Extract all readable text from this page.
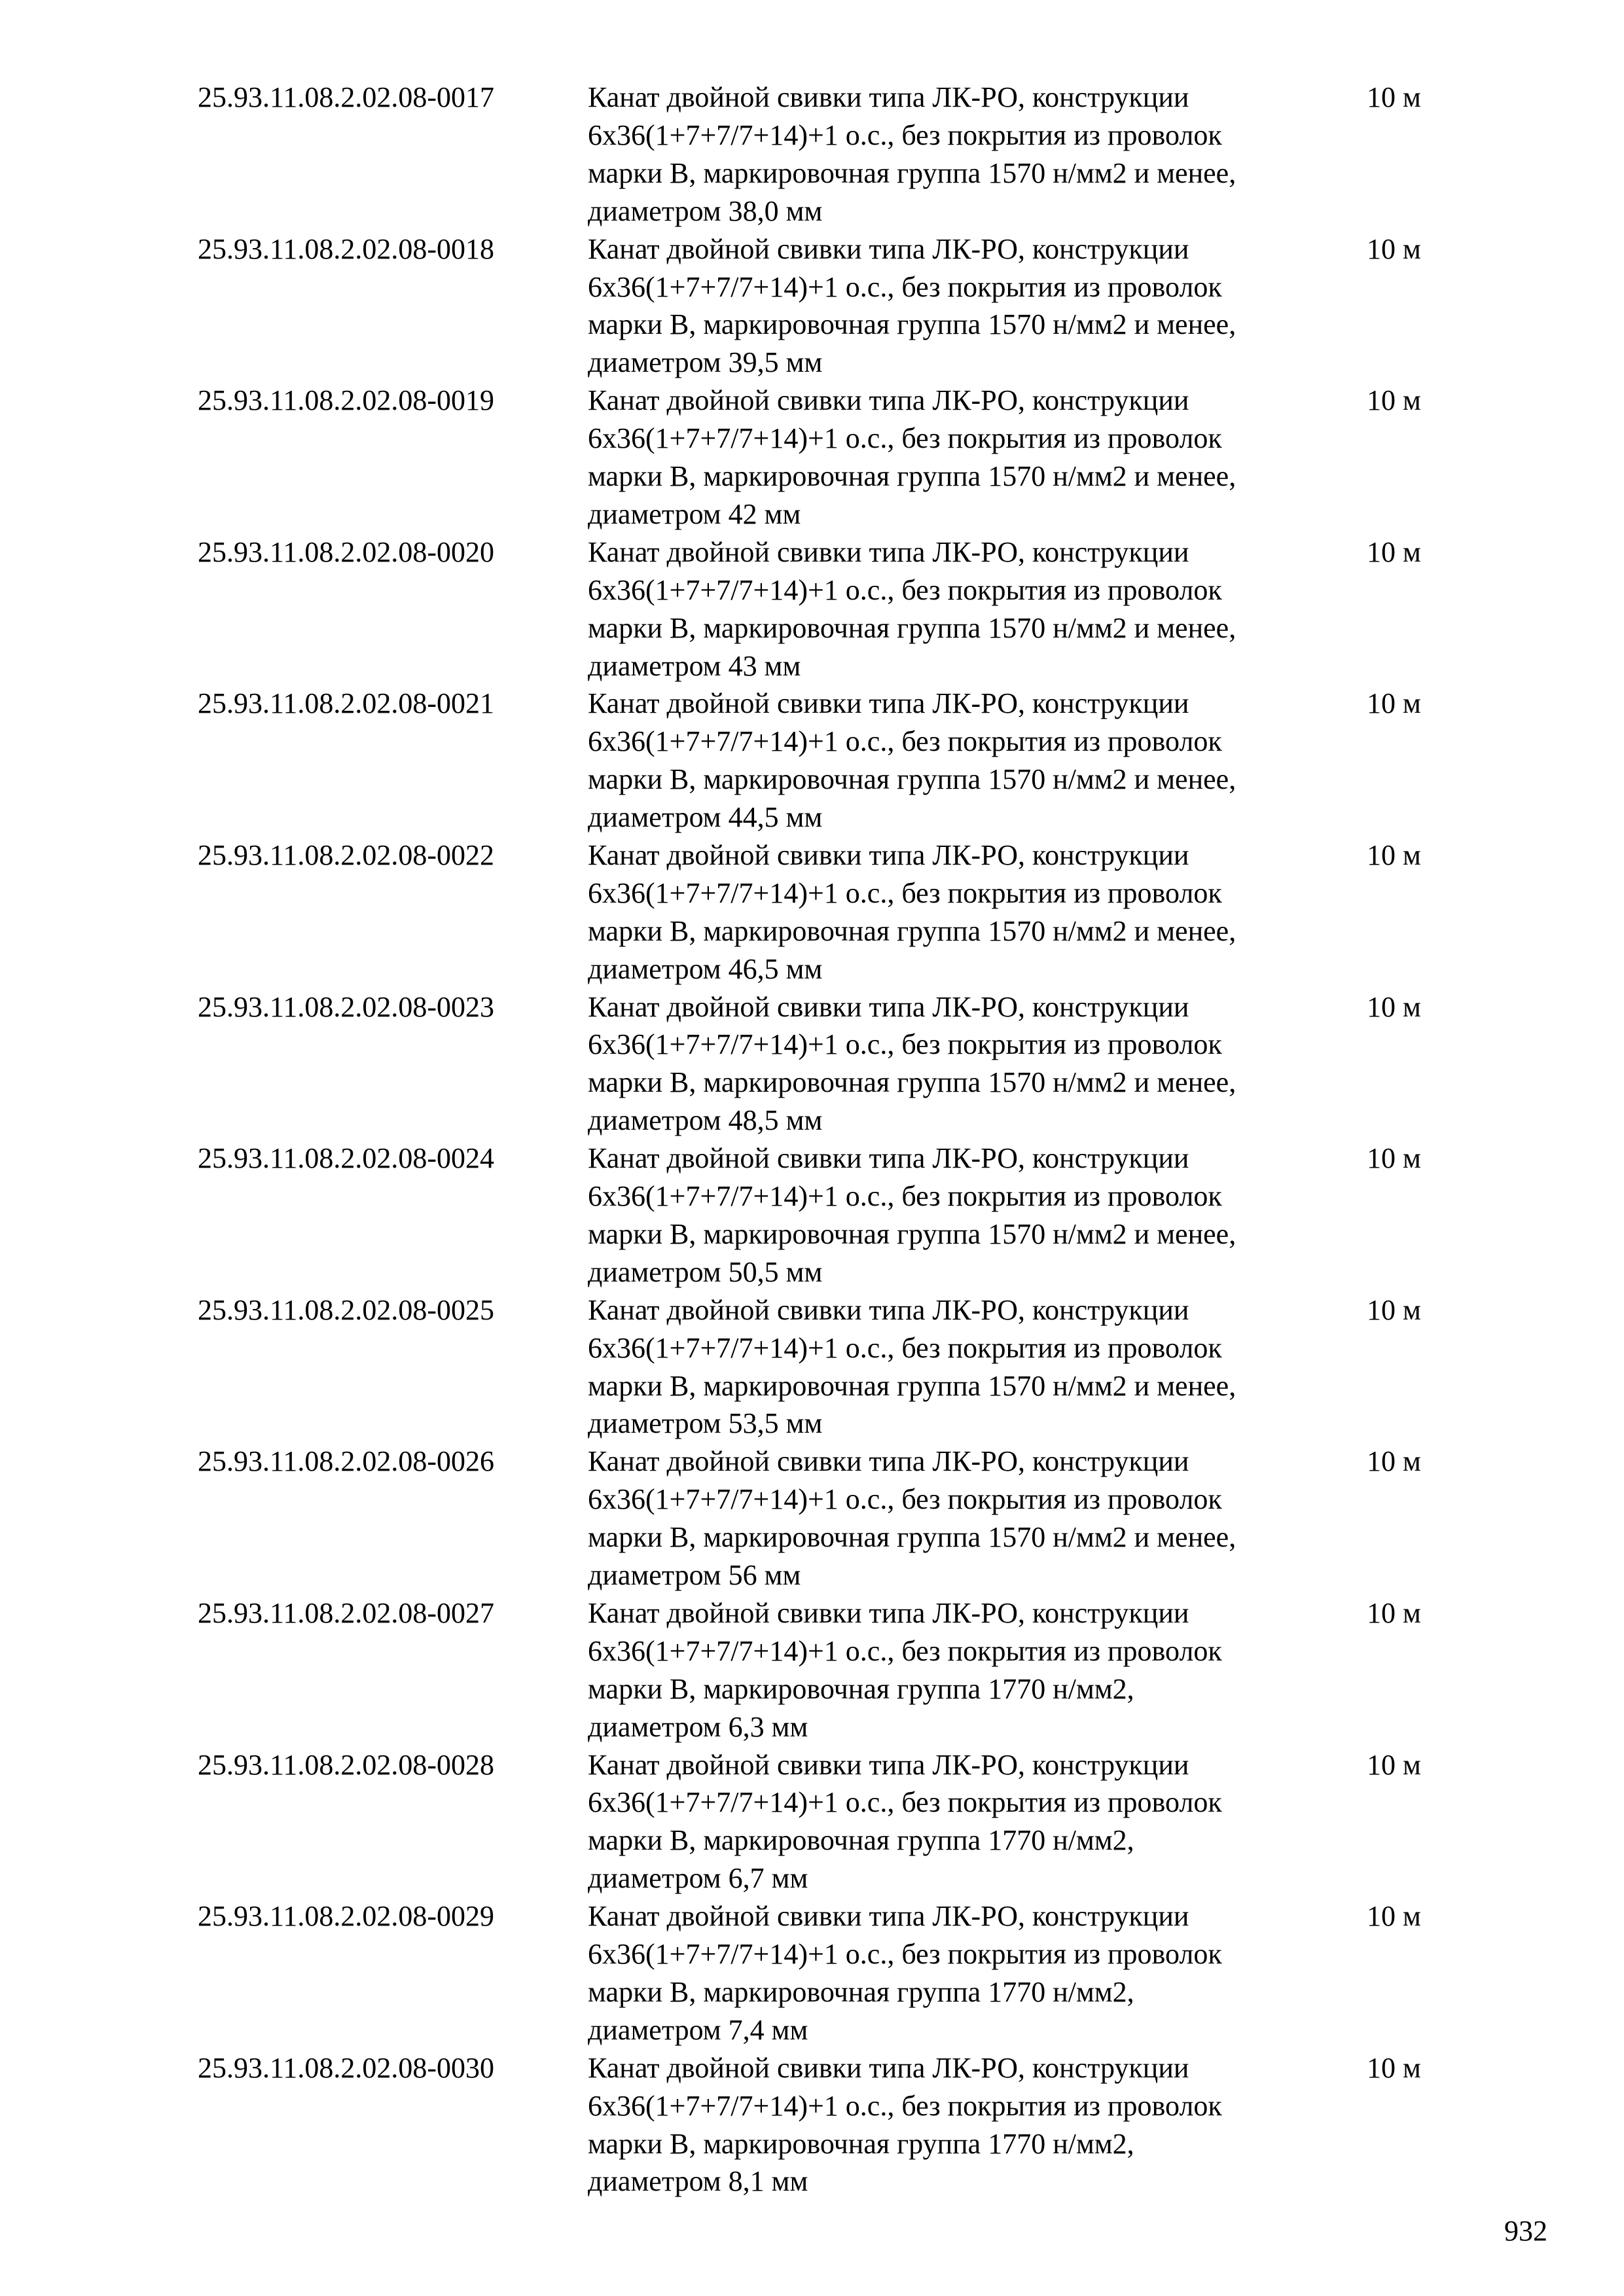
25.93.11.08.2.02.08-0017	Канат двойной свивки типа ЛК-РО, конструкции
6х36(1+7+7/7+14)+1 о.с., без покрытия из проволок
марки В, маркировочная группа 1570 н/мм2 и менее,
диаметром 38,0 мм
10 м
25.93.11.08.2.02.08-0018	Канат двойной свивки типа ЛК-РО, конструкции
6х36(1+7+7/7+14)+1 о.с., без покрытия из проволок
марки В, маркировочная группа 1570 н/мм2 и менее,
диаметром 39,5 мм
10 м
25.93.11.08.2.02.08-0019	Канат двойной свивки типа ЛК-РО, конструкции
6х36(1+7+7/7+14)+1 о.с., без покрытия из проволок
марки В, маркировочная группа 1570 н/мм2 и менее,
диаметром 42 мм
10 м
25.93.11.08.2.02.08-0020	Канат двойной свивки типа ЛК-РО, конструкции
6х36(1+7+7/7+14)+1 о.с., без покрытия из проволок
марки В, маркировочная группа 1570 н/мм2 и менее,
диаметром 43 мм
10 м
25.93.11.08.2.02.08-0021	Канат двойной свивки типа ЛК-РО, конструкции
6х36(1+7+7/7+14)+1 о.с., без покрытия из проволок
марки В, маркировочная группа 1570 н/мм2 и менее,
диаметром 44,5 мм
10 м
25.93.11.08.2.02.08-0022	Канат двойной свивки типа ЛК-РО, конструкции
6х36(1+7+7/7+14)+1 о.с., без покрытия из проволок
марки В, маркировочная группа 1570 н/мм2 и менее,
диаметром 46,5 мм
10 м
25.93.11.08.2.02.08-0023	Канат двойной свивки типа ЛК-РО, конструкции
6х36(1+7+7/7+14)+1 о.с., без покрытия из проволок
марки В, маркировочная группа 1570 н/мм2 и менее,
диаметром 48,5 мм
10 м
25.93.11.08.2.02.08-0024	Канат двойной свивки типа ЛК-РО, конструкции
6х36(1+7+7/7+14)+1 о.с., без покрытия из проволок
марки В, маркировочная группа 1570 н/мм2 и менее,
диаметром 50,5 мм
10 м
25.93.11.08.2.02.08-0025	Канат двойной свивки типа ЛК-РО, конструкции
6х36(1+7+7/7+14)+1 о.с., без покрытия из проволок
марки В, маркировочная группа 1570 н/мм2 и менее,
диаметром 53,5 мм
10 м
25.93.11.08.2.02.08-0026	Канат двойной свивки типа ЛК-РО, конструкции
6х36(1+7+7/7+14)+1 о.с., без покрытия из проволок
марки В, маркировочная группа 1570 н/мм2 и менее,
диаметром 56 мм
10 м
25.93.11.08.2.02.08-0027	Канат двойной свивки типа ЛК-РО, конструкции
6х36(1+7+7/7+14)+1 о.с., без покрытия из проволок
марки В, маркировочная группа 1770 н/мм2,
диаметром 6,3 мм
10 м
25.93.11.08.2.02.08-0028	Канат двойной свивки типа ЛК-РО, конструкции
6х36(1+7+7/7+14)+1 о.с., без покрытия из проволок
марки В, маркировочная группа 1770 н/мм2,
диаметром 6,7 мм
10 м
25.93.11.08.2.02.08-0029	Канат двойной свивки типа ЛК-РО, конструкции
6х36(1+7+7/7+14)+1 о.с., без покрытия из проволок
марки В, маркировочная группа 1770 н/мм2,
диаметром 7,4 мм
10 м
25.93.11.08.2.02.08-0030	Канат двойной свивки типа ЛК-РО, конструкции
6х36(1+7+7/7+14)+1 о.с., без покрытия из проволок
марки В, маркировочная группа 1770 н/мм2,
диаметром 8,1 мм
10 м
932
